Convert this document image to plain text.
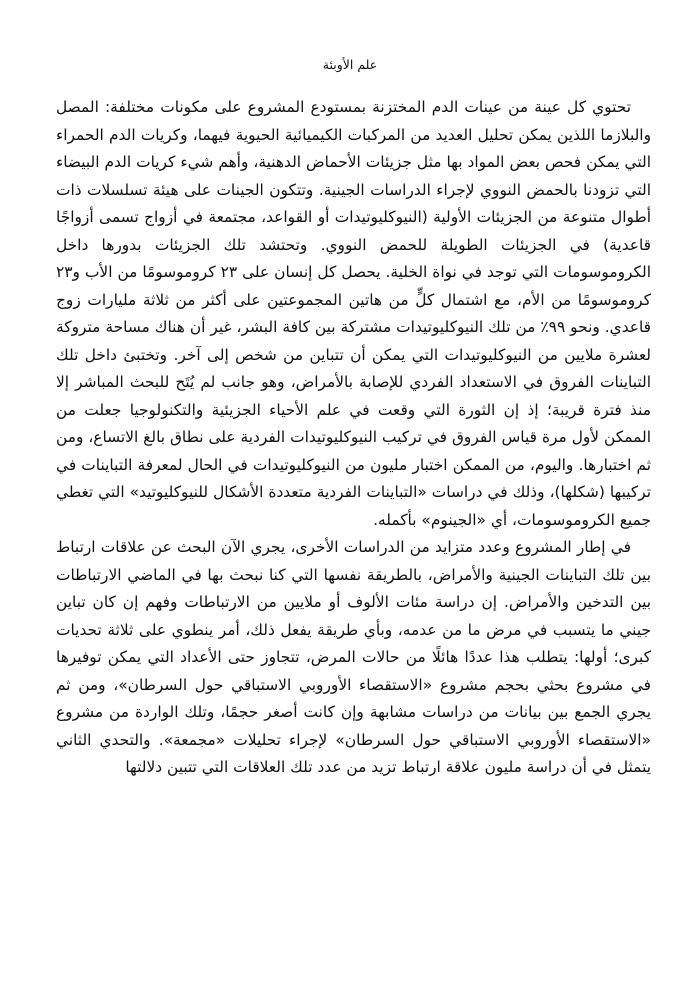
علم الأوبئة

تحتوي كل عينة من عينات الدم المختزنة بمستودع المشروع على مكونات مختلفة: المصل والبلازما اللذين يمكن تحليل العديد من المركبات الكيميائية الحيوية فيهما، وكريات الدم الحمراء التي يمكن فحص بعض المواد بها مثل جزيئات الأحماض الدهنية، وأهم شيء كريات الدم البيضاء التي تزودنا بالحمض النووي لإجراء الدراسات الجينية. وتتكون الجينات على هيئة تسلسلات ذات أطوال متنوعة من الجزيئات الأولية (النيوكليوتيدات أو القواعد، مجتمعة في أزواج تسمى أزواجًا قاعدية) في الجزيئات الطويلة للحمض النووي. وتحتشد تلك الجزيئات بدورها داخل الكروموسومات التي توجد في نواة الخلية. يحصل كل إنسان على ٢٣ كروموسومًا من الأب و٢٣ كروموسومًا من الأم، مع اشتمال كلٍّ من هاتين المجموعتين على أكثر من ثلاثة مليارات زوج قاعدي. ونحو ٩٩٪ من تلك النيوكليوتيدات مشتركة بين كافة البشر، غير أن هناك مساحة متروكة لعشرة ملايين من النيوكليوتيدات التي يمكن أن تتباين من شخص إلى آخر. وتختبئ داخل تلك التباينات الفروق في الاستعداد الفردي للإصابة بالأمراض، وهو جانب لم يُتَح للبحث المباشر إلا منذ فترة قريبة؛ إذ إن الثورة التي وقعت في علم الأحياء الجزيئية والتكنولوجيا جعلت من الممكن لأول مرة قياس الفروق في تركيب النيوكليوتيدات الفردية على نطاق بالغ الاتساع، ومن ثم اختبارها. واليوم، من الممكن اختبار مليون من النيوكليوتيدات في الحال لمعرفة التباينات في تركيبها (شكلها)، وذلك في دراسات «التباينات الفردية متعددة الأشكال للنيوكليوتيد» التي تغطي جميع الكروموسومات، أي «الجينوم» بأكمله.

في إطار المشروع وعدد متزايد من الدراسات الأخرى، يجري الآن البحث عن علاقات ارتباط بين تلك التباينات الجينية والأمراض، بالطريقة نفسها التي كنا نبحث بها في الماضي الارتباطات بين التدخين والأمراض. إن دراسة مئات الألوف أو ملايين من الارتباطات وفهم إن كان تباين جيني ما يتسبب في مرض ما من عدمه، وبأي طريقة يفعل ذلك، أمر ينطوي على ثلاثة تحديات كبرى؛ أولها: يتطلب هذا عددًا هائلًا من حالات المرض، تتجاوز حتى الأعداد التي يمكن توفيرها في مشروع بحثي بحجم مشروع «الاستقصاء الأوروبي الاستباقي حول السرطان»، ومن ثم يجري الجمع بين بيانات من دراسات مشابهة وإن كانت أصغر حجمًا، وتلك الواردة من مشروع «الاستقصاء الأوروبي الاستباقي حول السرطان» لإجراء تحليلات «مجمعة». والتحدي الثاني يتمثل في أن دراسة مليون علاقة ارتباط تزيد من عدد تلك العلاقات التي تتبين دلالتها
